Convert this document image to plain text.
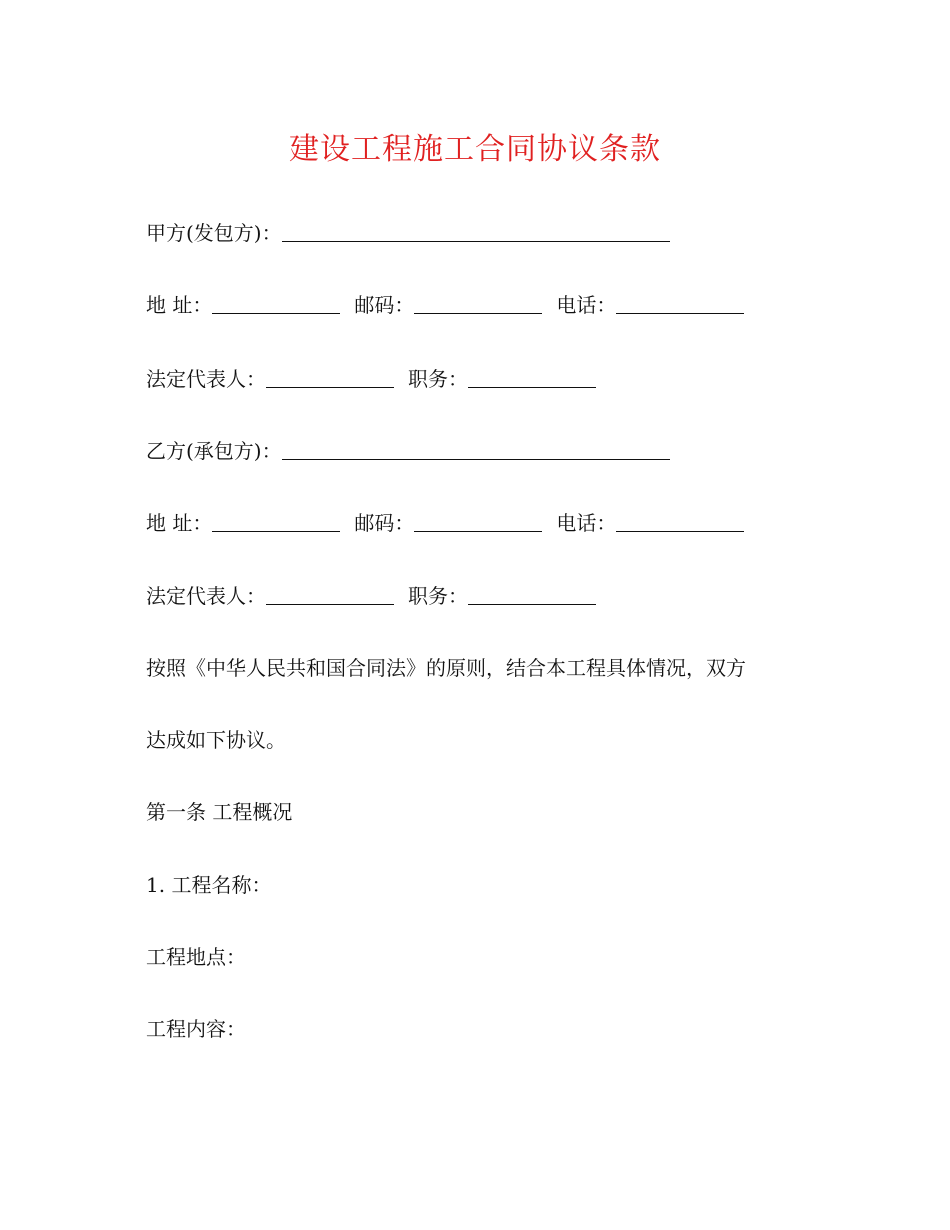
建设工程施工合同协议条款
甲方(发包方)：
地 址：	邮码：	电话：
法定代表人：	职务：
乙方(承包方)：
地 址：	邮码：	电话：
法定代表人：	职务：
按照《中华人民共和国合同法》的原则，结合本工程具体情况，双方
达成如下协议。
第一条 工程概况
1. 工程名称：
工程地点：
工程内容：
